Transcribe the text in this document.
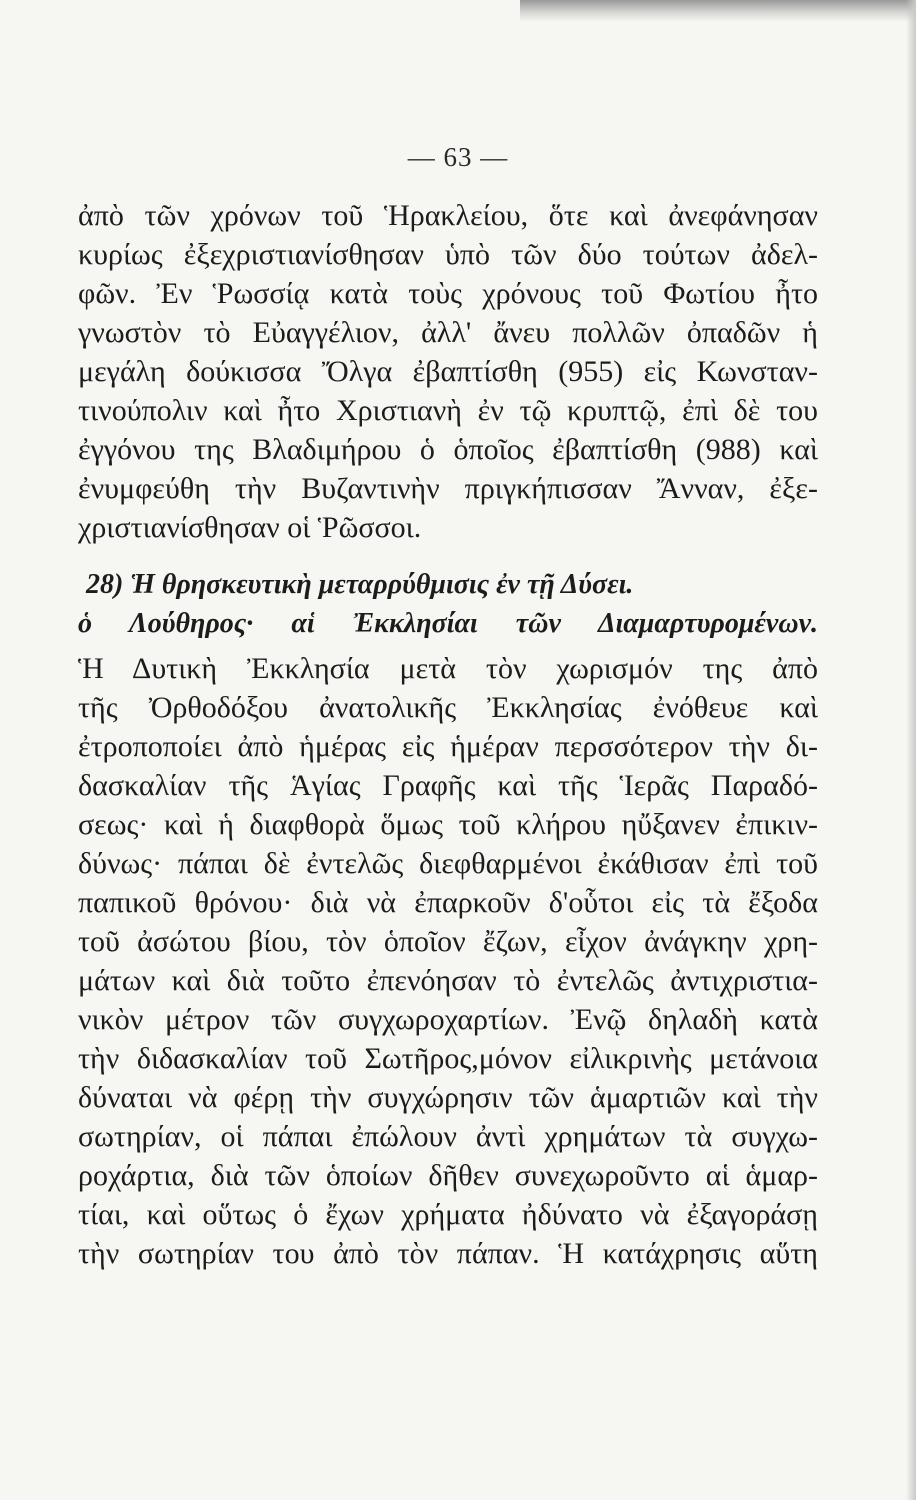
— 63 —
ἀπὸ τῶν χρόνων τοῦ Ἡρακλείου, ὅτε καὶ ἀνεφάνησαν
κυρίως ἐξεχριστιανίσθησαν ὑπὸ τῶν δύο τούτων ἀδελ-
φῶν. Ἐν Ῥωσσίᾳ κατὰ τοὺς χρόνους τοῦ Φωτίου ἦτο
γνωστὸν τὸ Εὐαγγέλιον, ἀλλ' ἄνευ πολλῶν ὀπαδῶν ἡ
μεγάλη δούκισσα Ὄλγα ἐβαπτίσθη (955) εἰς Κωνσταν-
τινούπολιν καὶ ἦτο Χριστιανὴ ἐν τῷ κρυπτῷ, ἐπὶ δὲ του
ἐγγόνου της Βλαδιμήρου ὁ ὁποῖος ἐβαπτίσθη (988) καὶ
ἐνυμφεύθη τὴν Βυζαντινὴν πριγκήπισσαν Ἄνναν, ἐξε-
χριστιανίσθησαν οἱ Ῥῶσσοι.
28) Ἡ θρησκευτικὴ μεταρρύθμισις ἐν τῇ Δύσει.
ὁ Λούθηρος· αἱ Ἐκκλησίαι τῶν Διαμαρτυρομένων.
Ἡ Δυτικὴ Ἐκκλησία μετὰ τὸν χωρισμόν της ἀπὸ
τῆς Ὀρθοδόξου ἀνατολικῆς Ἐκκλησίας ἐνόθευε καὶ
ἐτροποποίει ἀπὸ ἡμέρας εἰς ἡμέραν περσσότερον τὴν δι-
δασκαλίαν τῆς Ἁγίας Γραφῆς καὶ τῆς Ἱερᾶς Παραδό-
σεως· καὶ ἡ διαφθορὰ ὅμως τοῦ κλήρου ηὔξανεν ἐπικιν-
δύνως· πάπαι δὲ ἐντελῶς διεφθαρμένοι ἐκάθισαν ἐπὶ τοῦ
παπικοῦ θρόνου· διὰ νὰ ἐπαρκοῦν δ'οὗτοι εἰς τὰ ἔξοδα
τοῦ ἀσώτου βίου, τὸν ὁποῖον ἔζων, εἶχον ἀνάγκην χρη-
μάτων καὶ διὰ τοῦτο ἐπενόησαν τὸ ἐντελῶς ἀντιχριστια-
νικὸν μέτρον τῶν συγχωροχαρτίων. Ἐνῷ δηλαδὴ κατὰ
τὴν διδασκαλίαν τοῦ Σωτῆρος,μόνον εἰλικρινὴς μετάνοια
δύναται νὰ φέρῃ τὴν συγχώρησιν τῶν ἁμαρτιῶν καὶ τὴν
σωτηρίαν, οἱ πάπαι ἐπώλουν ἀντὶ χρημάτων τὰ συγχω-
ροχάρτια, διὰ τῶν ὁποίων δῆθεν συνεχωροῦντο αἱ ἁμαρ-
τίαι, καὶ οὕτως ὁ ἔχων χρήματα ἠδύνατο νὰ ἐξαγοράσῃ
τὴν σωτηρίαν του ἀπὸ τὸν πάπαν. Ἡ κατάχρησις αὕτη
